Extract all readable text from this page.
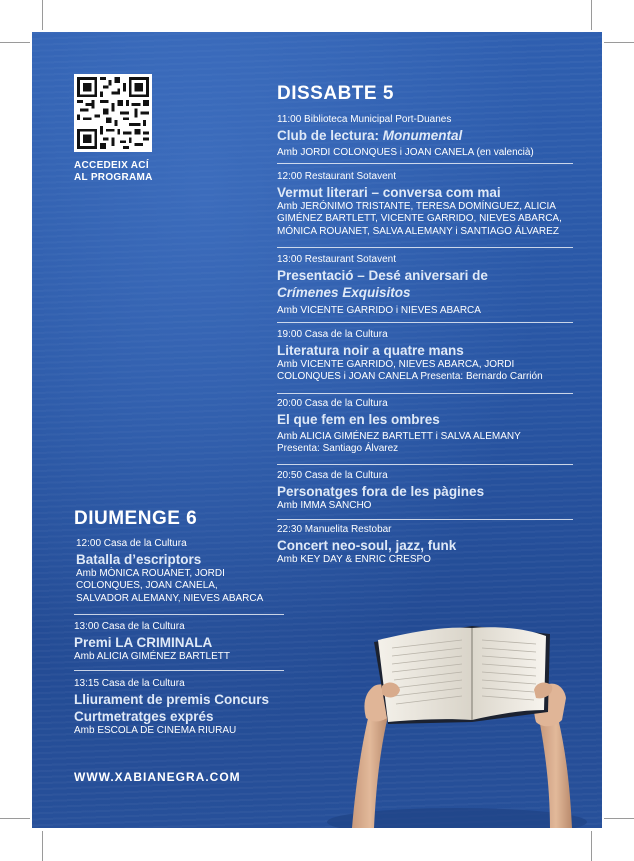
ACCEDEIX ACÍ
AL PROGRAMA
DISSABTE 5
11:00 Biblioteca Municipal Port-Duanes
Club de lectura: Monumental
Amb JORDI COLONQUES i JOAN CANELA (en valencià)
12:00 Restaurant Sotavent
Vermut literari – conversa com mai
Amb JERÓNIMO TRISTANTE, TERESA DOMÍNGUEZ, ALICIA
GIMÉNEZ BARTLETT, VICENTE GARRIDO, NIEVES ABARCA,
MÓNICA ROUANET, SALVA ALEMANY i SANTIAGO ÁLVAREZ
13:00 Restaurant Sotavent
Presentació – Desé aniversari de
Crímenes Exquisitos
Amb VICENTE GARRIDO i NIEVES ABARCA
19:00 Casa de la Cultura
Literatura noir a quatre mans
Amb VICENTE GARRIDO, NIEVES ABARCA, JORDI
COLONQUES i JOAN CANELA Presenta: Bernardo Carrión
20:00 Casa de la Cultura
El que fem en les ombres
Amb ALICIA GIMÉNEZ BARTLETT i SALVA ALEMANY
Presenta: Santiago Álvarez
20:50 Casa de la Cultura
Personatges fora de les pàgines
Amb IMMA SANCHO
22:30 Manuelita Restobar
Concert neo-soul, jazz, funk
Amb KEY DAY & ENRIC CRESPO
DIUMENGE 6
12:00 Casa de la Cultura
Batalla d’escriptors
Amb MÒNICA ROUANET, JORDI
COLONQUES, JOAN CANELA,
SALVADOR ALEMANY, NIEVES ABARCA
13:00 Casa de la Cultura
Premi LA CRIMINALA
Amb ALICIA GIMÉNEZ BARTLETT
13:15 Casa de la Cultura
Lliurament de premis Concurs
Curtmetratges exprés
Amb ESCOLA DE CINEMA RIURAU
WWW.XABIANEGRA.COM
